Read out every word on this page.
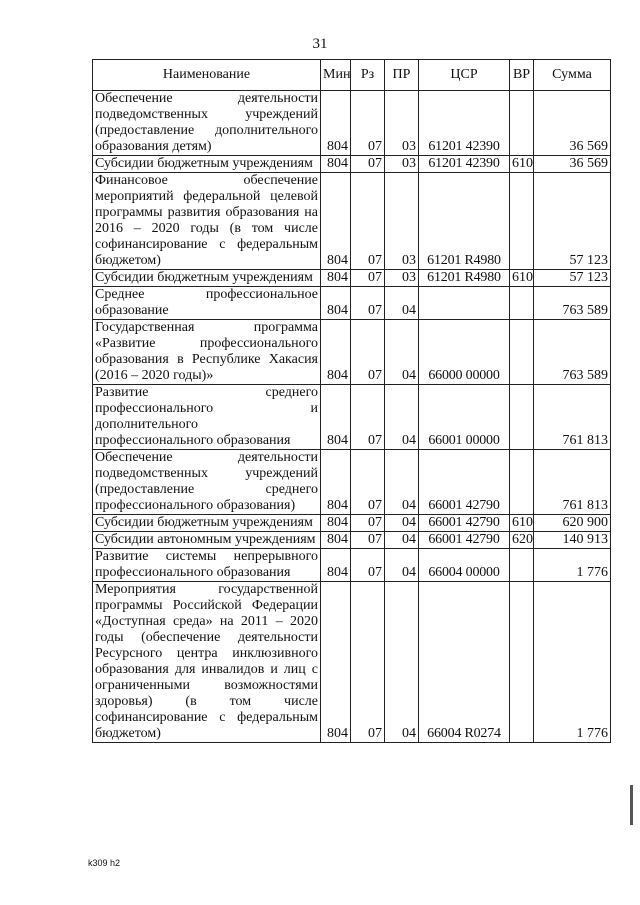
31
Наименование	Мин	Рз	ПР	ЦСР	ВР	Сумма
Обеспечение деятельности подведомственных учреждений (предоставление дополнительного образования детям)	804	07	03	61201 42390		36 569
Субсидии бюджетным учреждениям	804	07	03	61201 42390	610	36 569
Финансовое обеспечение мероприятий федеральной целевой программы развития образования на 2016 – 2020 годы (в том числе софинансирование с федеральным бюджетом)	804	07	03	61201 R4980		57 123
Субсидии бюджетным учреждениям	804	07	03	61201 R4980	610	57 123
Среднее профессиональное образование	804	07	04			763 589
Государственная программа «Развитие профессионального образования в Республике Хакасия (2016 – 2020 годы)»	804	07	04	66000 00000		763 589
Развитие среднего профессионального и дополнительного профессионального образования	804	07	04	66001 00000		761 813
Обеспечение деятельности подведомственных учреждений (предоставление среднего профессионального образования)	804	07	04	66001 42790		761 813
Субсидии бюджетным учреждениям	804	07	04	66001 42790	610	620 900
Субсидии автономным учреждениям	804	07	04	66001 42790	620	140 913
Развитие системы непрерывного профессионального образования	804	07	04	66004 00000		1 776
Мероприятия государственной программы Российской Федерации «Доступная среда» на 2011 – 2020 годы (обеспечение деятельности Ресурсного центра инклюзивного образования для инвалидов и лиц с ограниченными возможностями здоровья) (в том числе софинансирование с федеральным бюджетом)	804	07	04	66004 R0274		1 776
k309 h2
